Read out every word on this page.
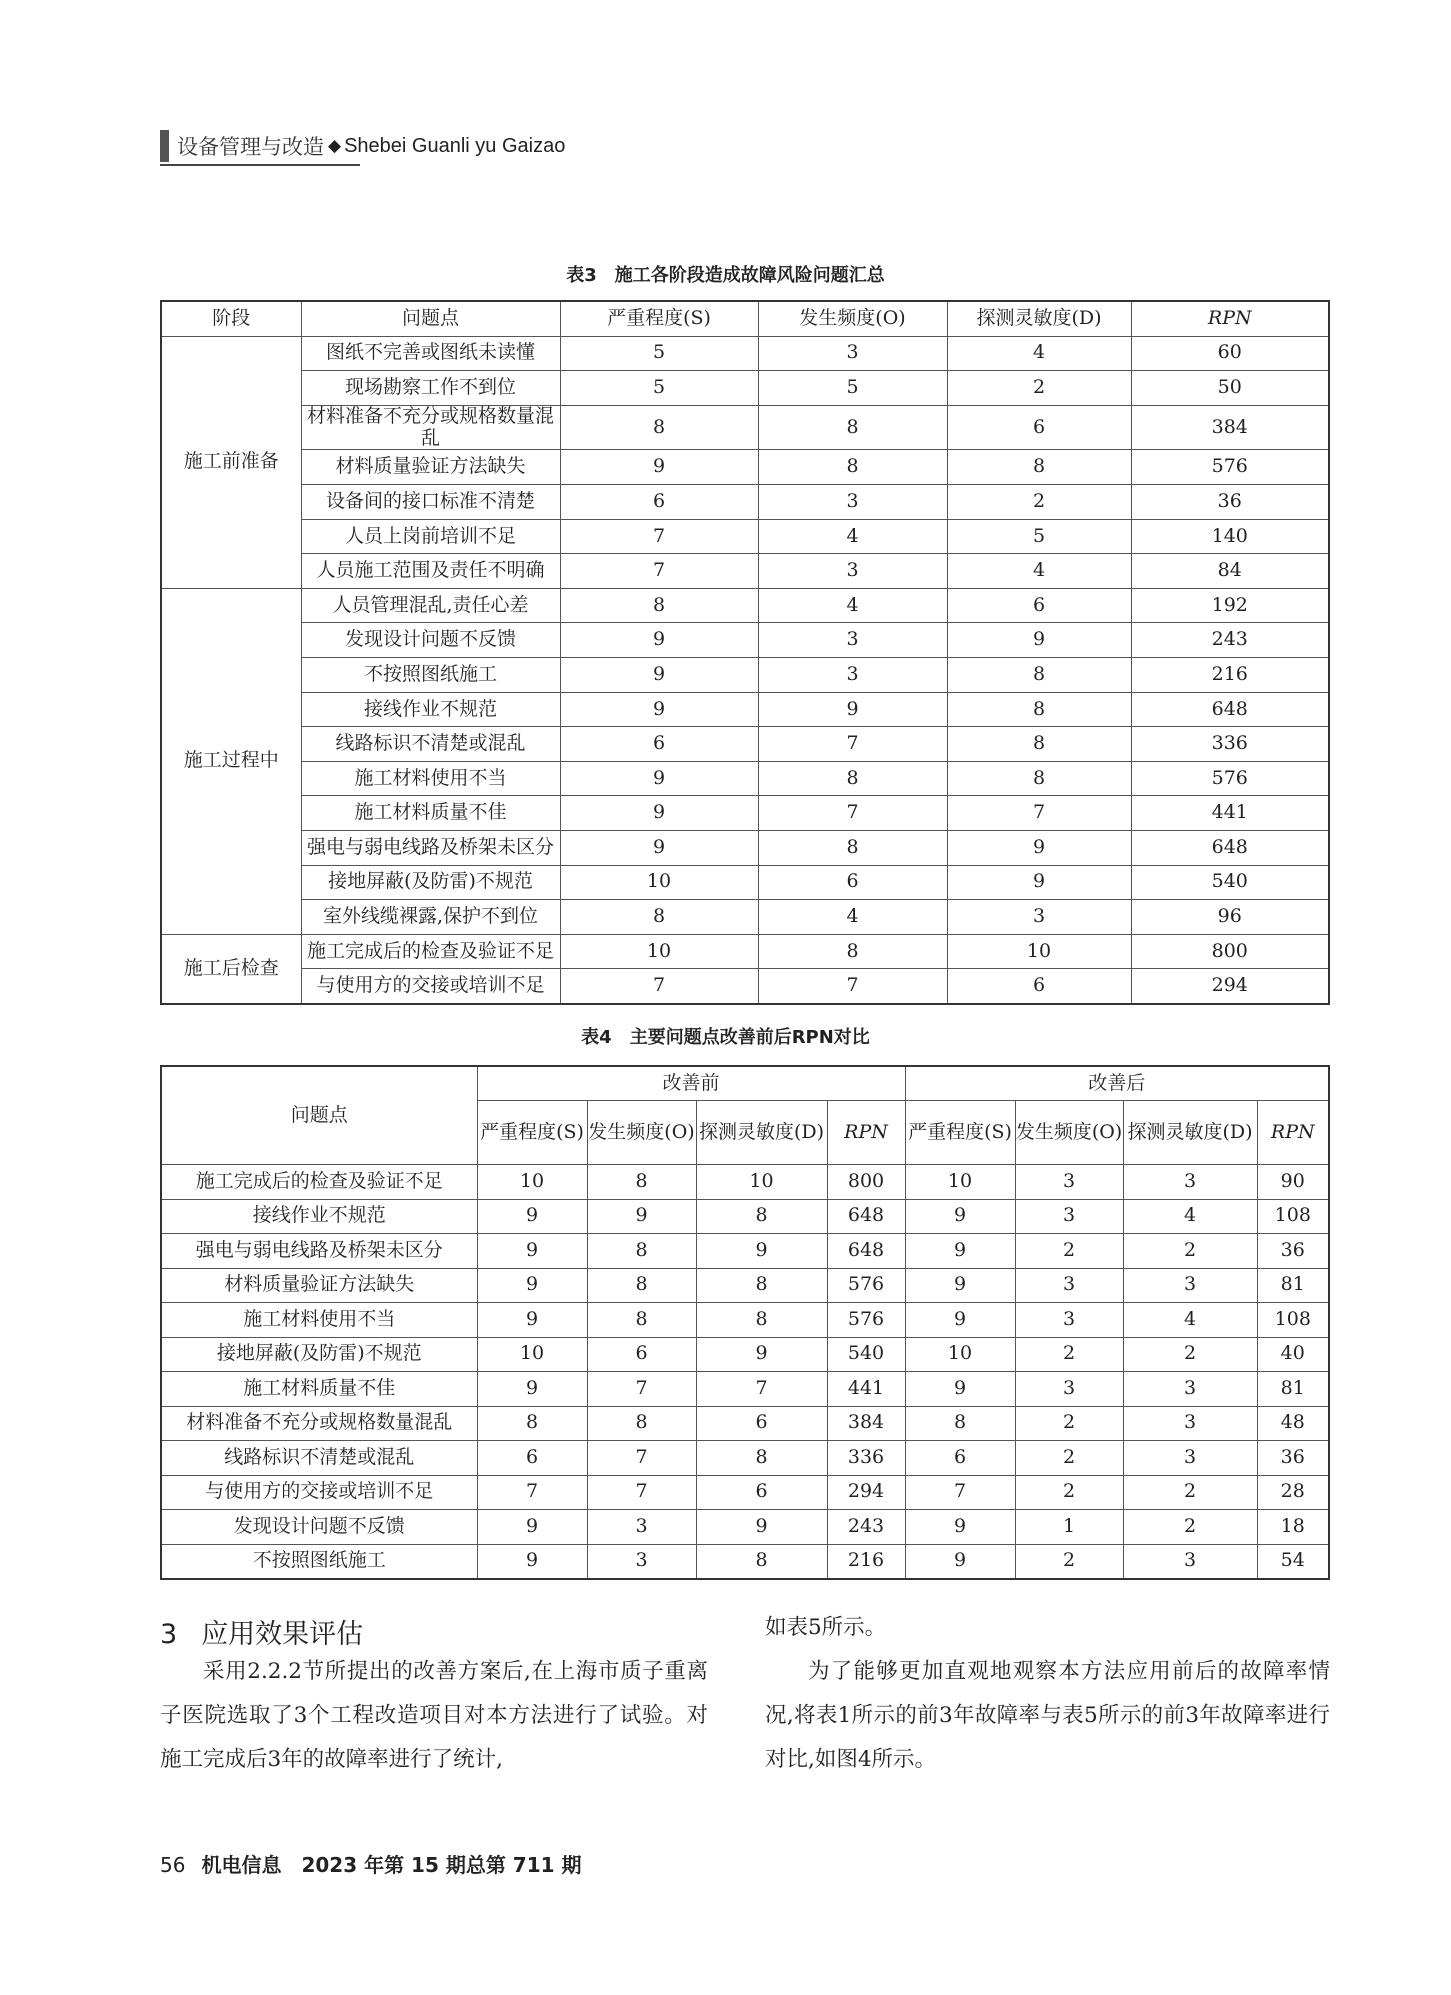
设备管理与改造 ◆ Shebei Guanli yu Gaizao
表3　施工各阶段造成故障风险问题汇总
阶段	问题点	严重程度(S)	发生频度(O)	探测灵敏度(D)	RPN
施工前准备	图纸不完善或图纸未读懂	5	3	4	60
	现场勘察工作不到位	5	5	2	50
	材料准备不充分或规格数量混乱	8	8	6	384
	材料质量验证方法缺失	9	8	8	576
	设备间的接口标准不清楚	6	3	2	36
	人员上岗前培训不足	7	4	5	140
	人员施工范围及责任不明确	7	3	4	84
施工过程中	人员管理混乱,责任心差	8	4	6	192
	发现设计问题不反馈	9	3	9	243
	不按照图纸施工	9	3	8	216
	接线作业不规范	9	9	8	648
	线路标识不清楚或混乱	6	7	8	336
	施工材料使用不当	9	8	8	576
	施工材料质量不佳	9	7	7	441
	强电与弱电线路及桥架未区分	9	8	9	648
	接地屏蔽(及防雷)不规范	10	6	9	540
	室外线缆裸露,保护不到位	8	4	3	96
施工后检查	施工完成后的检查及验证不足	10	8	10	800
	与使用方的交接或培训不足	7	7	6	294
表4　主要问题点改善前后RPN对比
问题点	改善前				改善后			
	严重程度(S)	发生频度(O)	探测灵敏度(D)	RPN	严重程度(S)	发生频度(O)	探测灵敏度(D)	RPN
施工完成后的检查及验证不足	10	8	10	800	10	3	3	90
接线作业不规范	9	9	8	648	9	3	4	108
强电与弱电线路及桥架未区分	9	8	9	648	9	2	2	36
材料质量验证方法缺失	9	8	8	576	9	3	3	81
施工材料使用不当	9	8	8	576	9	3	4	108
接地屏蔽(及防雷)不规范	10	6	9	540	10	2	2	40
施工材料质量不佳	9	7	7	441	9	3	3	81
材料准备不充分或规格数量混乱	8	8	6	384	8	2	3	48
线路标识不清楚或混乱	6	7	8	336	6	2	3	36
与使用方的交接或培训不足	7	7	6	294	7	2	2	28
发现设计问题不反馈	9	3	9	243	9	1	2	18
不按照图纸施工	9	3	8	216	9	2	3	54
3 应用效果评估
采用2.2.2节所提出的改善方案后,在上海市质子重离子医院选取了3个工程改造项目对本方法进行了试验。对施工完成后3年的故障率进行了统计,
如表5所示。
为了能够更加直观地观察本方法应用前后的故障率情况,将表1所示的前3年故障率与表5所示的前3年故障率进行对比,如图4所示。
56 机电信息 2023 年第 15 期总第 711 期
